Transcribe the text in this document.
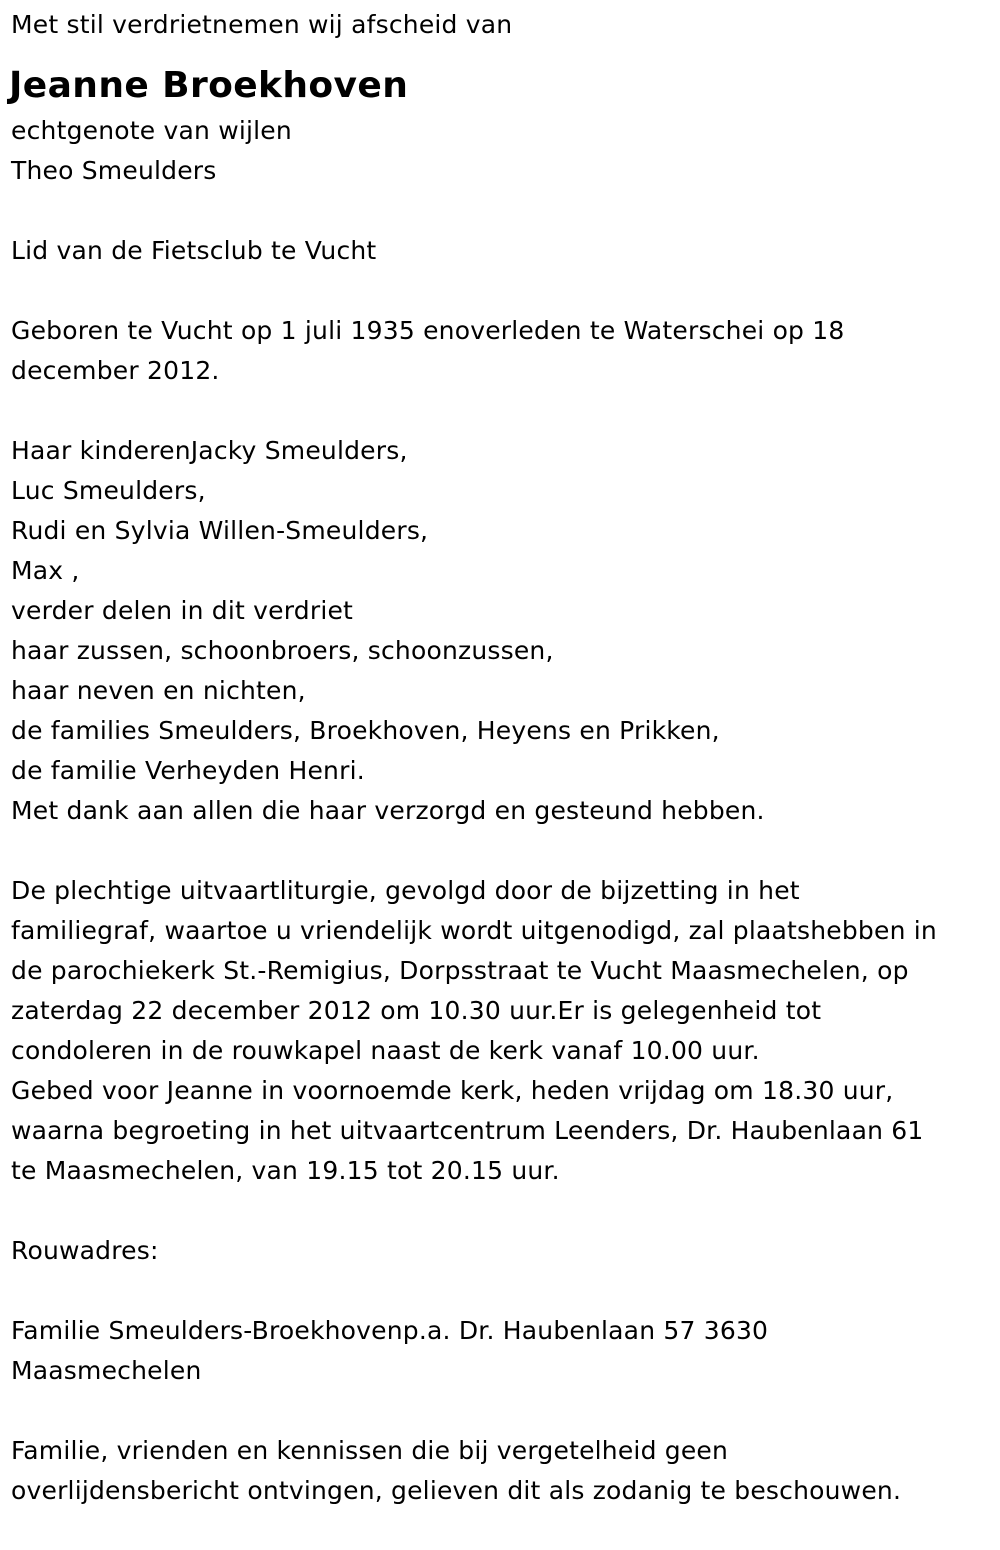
Met stil verdrietnemen wij afscheid van
Jeanne Broekhoven
echtgenote van wijlen
Theo Smeulders
Lid van de Fietsclub te Vucht
Geboren te Vucht op 1 juli 1935 enoverleden te Waterschei op 18
december 2012.
Haar kinderenJacky Smeulders,
Luc Smeulders,
Rudi en Sylvia Willen-Smeulders,
Max ,
verder delen in dit verdriet
haar zussen, schoonbroers, schoonzussen,
haar neven en nichten,
de families Smeulders, Broekhoven, Heyens en Prikken,
de familie Verheyden Henri.
Met dank aan allen die haar verzorgd en gesteund hebben.
De plechtige uitvaartliturgie, gevolgd door de bijzetting in het
familiegraf, waartoe u vriendelijk wordt uitgenodigd, zal plaatshebben in
de parochiekerk St.-Remigius, Dorpsstraat te Vucht Maasmechelen, op
zaterdag 22 december 2012 om 10.30 uur.Er is gelegenheid tot
condoleren in de rouwkapel naast de kerk vanaf 10.00 uur.
Gebed voor Jeanne in voornoemde kerk, heden vrijdag om 18.30 uur,
waarna begroeting in het uitvaartcentrum Leenders, Dr. Haubenlaan 61
te Maasmechelen, van 19.15 tot 20.15 uur.
Rouwadres:
Familie Smeulders-Broekhovenp.a. Dr. Haubenlaan 57 3630
Maasmechelen
Familie, vrienden en kennissen die bij vergetelheid geen
overlijdensbericht ontvingen, gelieven dit als zodanig te beschouwen.
